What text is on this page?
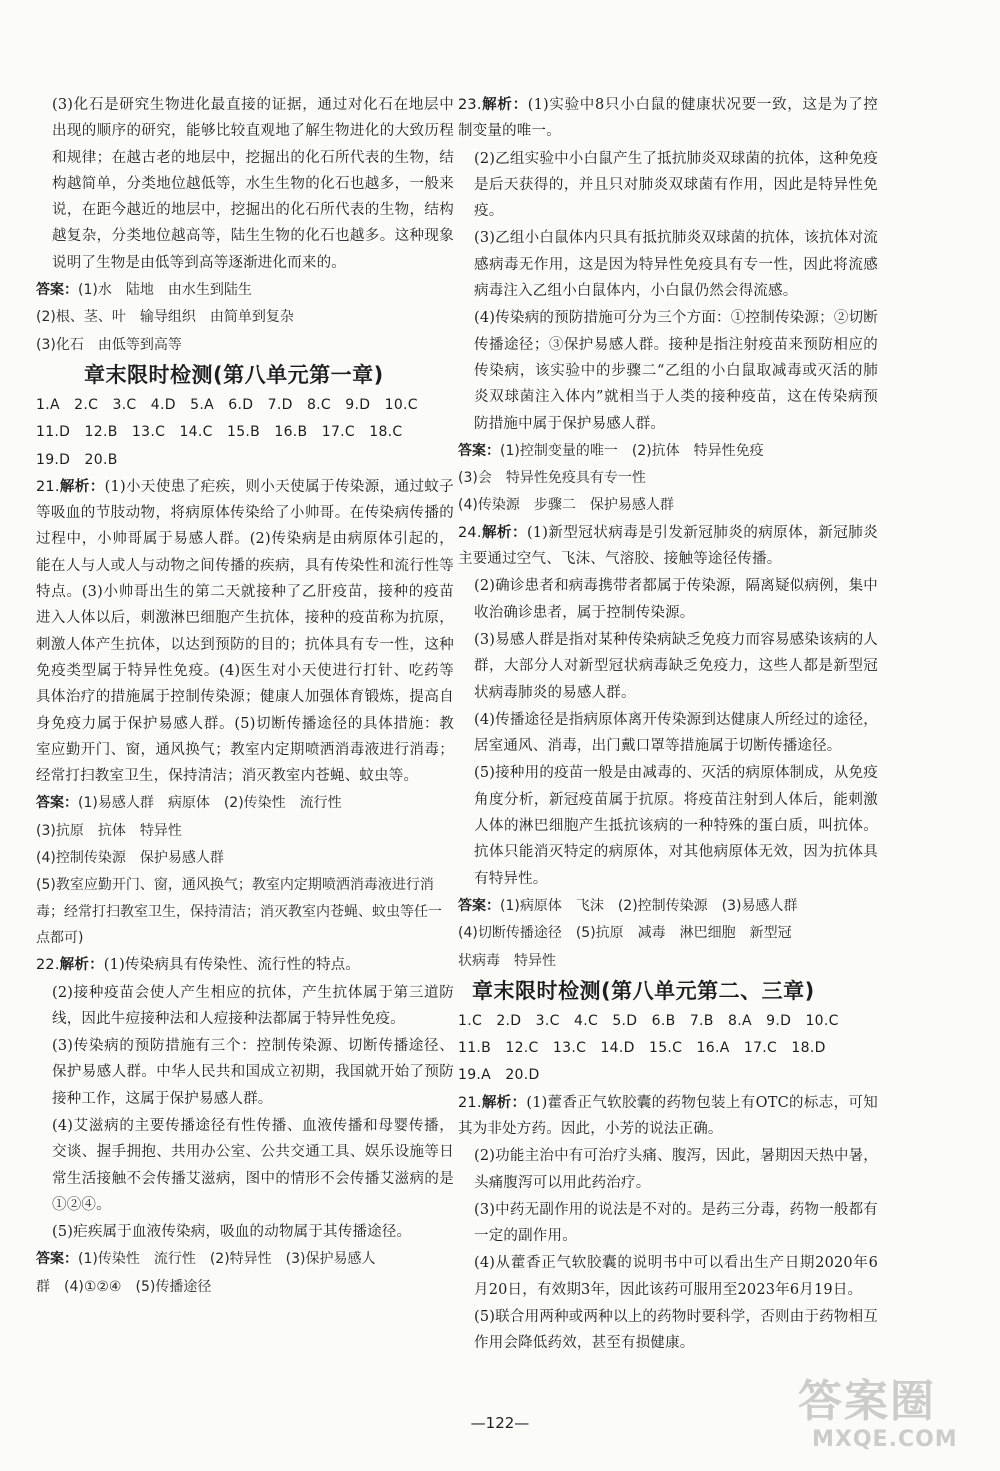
(3)化石是研究生物进化最直接的证据，通过对化石在地层中出现的顺序的研究，能够比较直观地了解生物进化的大致历程和规律；在越古老的地层中，挖掘出的化石所代表的生物，结构越简单，分类地位越低等，水生生物的化石也越多，一般来说，在距今越近的地层中，挖掘出的化石所代表的生物，结构越复杂，分类地位越高等，陆生生物的化石也越多。这种现象说明了生物是由低等到高等逐渐进化而来的。

答案：(1)水　陆地　由水生到陆生

(2)根、茎、叶　输导组织　由简单到复杂

(3)化石　由低等到高等

章末限时检测(第八单元第一章)

1.A　2.C　3.C　4.D　5.A　6.D　7.D　8.C　9.D　10.C

11.D　12.B　13.C　14.C　15.B　16.B　17.C　18.C

19.D　20.B

21.解析：(1)小天使患了疟疾，则小天使属于传染源，通过蚊子等吸血的节肢动物，将病原体传染给了小帅哥。在传染病传播的过程中，小帅哥属于易感人群。(2)传染病是由病原体引起的，能在人与人或人与动物之间传播的疾病，具有传染性和流行性等特点。(3)小帅哥出生的第二天就接种了乙肝疫苗，接种的疫苗进入人体以后，刺激淋巴细胞产生抗体，接种的疫苗称为抗原，刺激人体产生抗体，以达到预防的目的；抗体具有专一性，这种免疫类型属于特异性免疫。(4)医生对小天使进行打针、吃药等具体治疗的措施属于控制传染源；健康人加强体育锻炼，提高自身免疫力属于保护易感人群。(5)切断传播途径的具体措施：教室应勤开门、窗，通风换气；教室内定期喷洒消毒液进行消毒；经常打扫教室卫生，保持清洁；消灭教室内苍蝇、蚊虫等。

答案：(1)易感人群　病原体　(2)传染性　流行性

(3)抗原　抗体　特异性

(4)控制传染源　保护易感人群

(5)教室应勤开门、窗，通风换气；教室内定期喷洒消毒液进行消毒；经常打扫教室卫生，保持清洁；消灭教室内苍蝇、蚊虫等任一点都可)

22.解析：(1)传染病具有传染性、流行性的特点。

(2)接种疫苗会使人产生相应的抗体，产生抗体属于第三道防线，因此牛痘接种法和人痘接种法都属于特异性免疫。

(3)传染病的预防措施有三个：控制传染源、切断传播途径、保护易感人群。中华人民共和国成立初期，我国就开始了预防接种工作，这属于保护易感人群。

(4)艾滋病的主要传播途径有性传播、血液传播和母婴传播，交谈、握手拥抱、共用办公室、公共交通工具、娱乐设施等日常生活接触不会传播艾滋病，图中的情形不会传播艾滋病的是①②④。

(5)疟疾属于血液传染病，吸血的动物属于其传播途径。

答案：(1)传染性　流行性　(2)特异性　(3)保护易感人

群　(4)①②④　(5)传播途径

23.解析：(1)实验中8只小白鼠的健康状况要一致，这是为了控制变量的唯一。

(2)乙组实验中小白鼠产生了抵抗肺炎双球菌的抗体，这种免疫是后天获得的，并且只对肺炎双球菌有作用，因此是特异性免疫。

(3)乙组小白鼠体内只具有抵抗肺炎双球菌的抗体，该抗体对流感病毒无作用，这是因为特异性免疫具有专一性，因此将流感病毒注入乙组小白鼠体内，小白鼠仍然会得流感。

(4)传染病的预防措施可分为三个方面：①控制传染源；②切断传播途径；③保护易感人群。接种是指注射疫苗来预防相应的传染病，该实验中的步骤二“乙组的小白鼠取减毒或灭活的肺炎双球菌注入体内”就相当于人类的接种疫苗，这在传染病预防措施中属于保护易感人群。

答案：(1)控制变量的唯一　(2)抗体　特异性免疫

(3)会　特异性免疫具有专一性

(4)传染源　步骤二　保护易感人群

24.解析：(1)新型冠状病毒是引发新冠肺炎的病原体，新冠肺炎主要通过空气、飞沫、气溶胶、接触等途径传播。

(2)确诊患者和病毒携带者都属于传染源，隔离疑似病例，集中收治确诊患者，属于控制传染源。

(3)易感人群是指对某种传染病缺乏免疫力而容易感染该病的人群，大部分人对新型冠状病毒缺乏免疫力，这些人都是新型冠状病毒肺炎的易感人群。

(4)传播途径是指病原体离开传染源到达健康人所经过的途径，居室通风、消毒，出门戴口罩等措施属于切断传播途径。

(5)接种用的疫苗一般是由减毒的、灭活的病原体制成，从免疫角度分析，新冠疫苗属于抗原。将疫苗注射到人体后，能刺激人体的淋巴细胞产生抵抗该病的一种特殊的蛋白质，叫抗体。抗体只能消灭特定的病原体，对其他病原体无效，因为抗体具有特异性。

答案：(1)病原体　飞沫　(2)控制传染源　(3)易感人群

(4)切断传播途径　(5)抗原　减毒　淋巴细胞　新型冠

状病毒　特异性

章末限时检测(第八单元第二、三章)

1.C　2.D　3.C　4.C　5.D　6.B　7.B　8.A　9.D　10.C

11.B　12.C　13.C　14.D　15.C　16.A　17.C　18.D

19.A　20.D

21.解析：(1)藿香正气软胶囊的药物包装上有OTC的标志，可知其为非处方药。因此，小芳的说法正确。

(2)功能主治中有可治疗头痛、腹泻，因此，暑期因天热中暑，头痛腹泻可以用此药治疗。

(3)中药无副作用的说法是不对的。是药三分毒，药物一般都有一定的副作用。

(4)从藿香正气软胶囊的说明书中可以看出生产日期2020年6月20日，有效期3年，因此该药可服用至2023年6月19日。

(5)联合用两种或两种以上的药物时要科学，否则由于药物相互作用会降低药效，甚至有损健康。

—122—	答案圈
MXQE.COM
